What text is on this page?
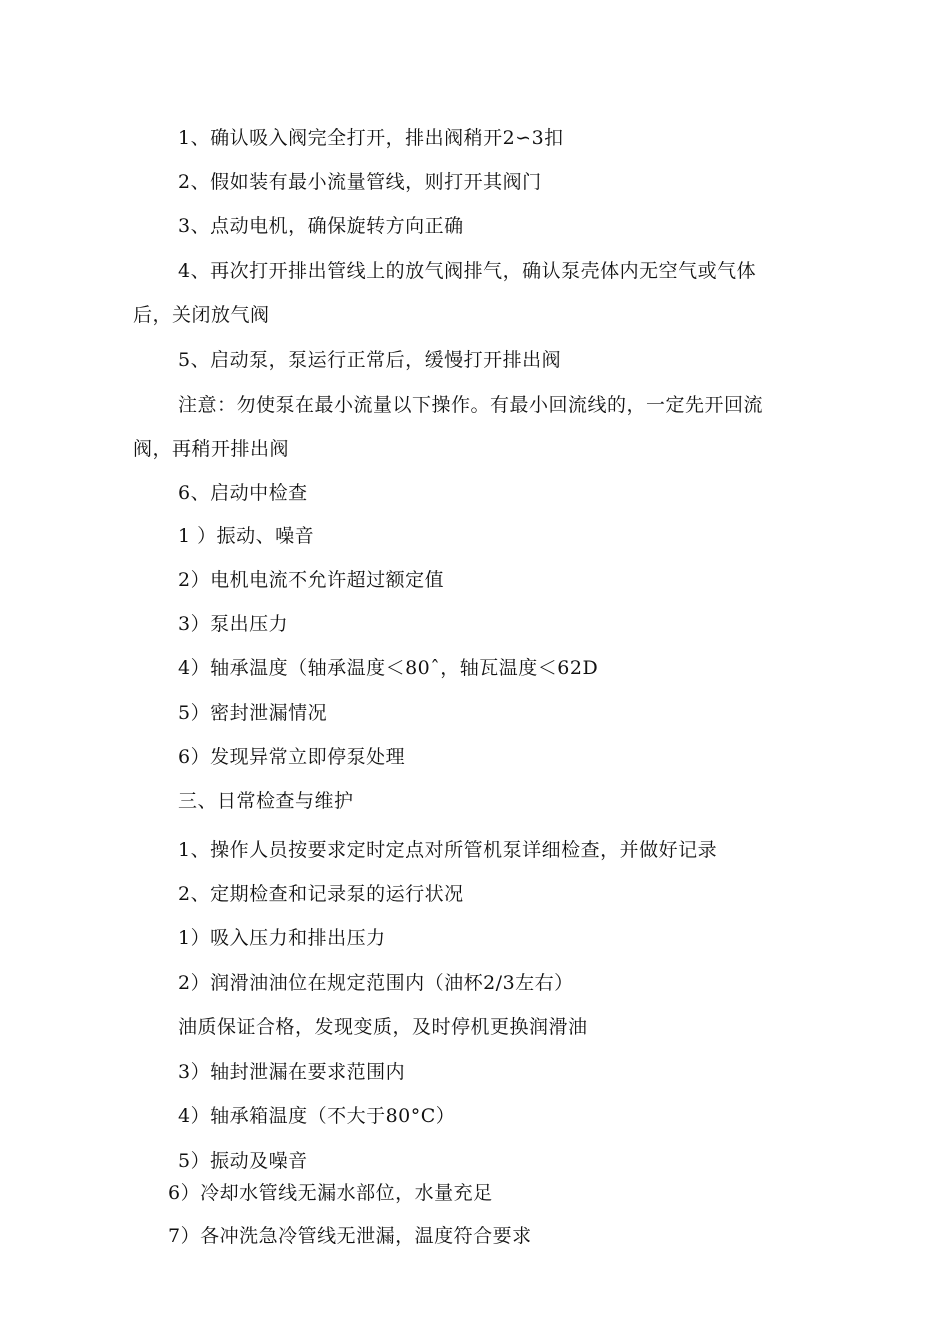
1、确认吸入阀完全打开，排出阀稍开2∽3扣
2、假如装有最小流量管线，则打开其阀门
3、点动电机，确保旋转方向正确
4、再次打开排出管线上的放气阀排气，确认泵壳体内无空气或气体
后，关闭放气阀
5、启动泵，泵运行正常后，缓慢打开排出阀
注意：勿使泵在最小流量以下操作。有最小回流线的，一定先开回流
阀，再稍开排出阀
6、启动中检查
1 ）振动、噪音
2）电机电流不允许超过额定值
3）泵出压力
4）轴承温度（轴承温度＜80ˆ，轴瓦温度＜62D
5）密封泄漏情况
6）发现异常立即停泵处理
三、日常检查与维护
1、操作人员按要求定时定点对所管机泵详细检查，并做好记录
2、定期检查和记录泵的运行状况
1）吸入压力和排出压力
2）润滑油油位在规定范围内（油杯2/3左右）
油质保证合格，发现变质，及时停机更换润滑油
3）轴封泄漏在要求范围内
4）轴承箱温度（不大于80°C）
5）振动及噪音
6）冷却水管线无漏水部位，水量充足
7）各冲洗急冷管线无泄漏，温度符合要求
